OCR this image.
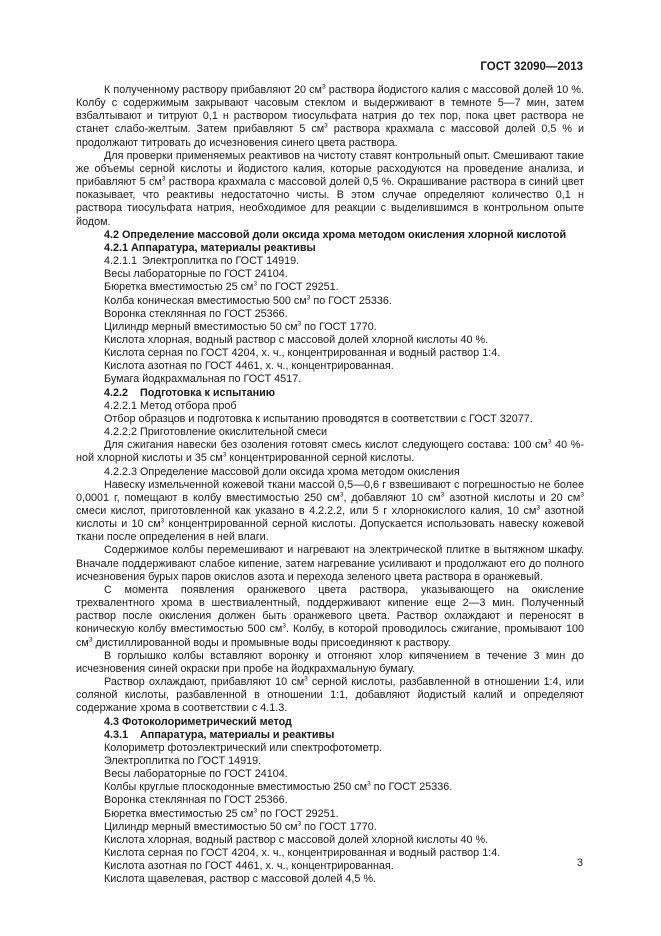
ГОСТ 32090—2013

К полученному раствору прибавляют 20 $см^3$ раствора йодистого калия с массовой долей 10 %. Колбу с содержимым закрывают часовым стеклом и выдерживают в темноте 5—7 мин, затем взбалтывают и титруют 0,1 н раствором тиосульфата натрия до тех пор, пока цвет раствора не станет слабо-желтым. Затем прибавляют 5 $см^3$ раствора крахмала с массовой долей 0,5 % и продолжают титровать до исчезновения синего цвета раствора.

Для проверки применяемых реактивов на чистоту ставят контрольный опыт. Смешивают такие же объемы серной кислоты и йодистого калия, которые расходуются на проведение анализа, и прибавляют 5 $см^3$ раствора крахмала с массовой долей 0,5 %. Окрашивание раствора в синий цвет показывает, что реактивы недостаточно чисты. В этом случае определяют количество 0,1 н раствора тиосульфата натрия, необходимое для реакции с выделившимся в контрольном опыте йодом.

4.2 Определение массовой доли оксида хрома методом окисления хлорной кислотой

4.2.1 Аппаратура, материалы реактивы

4.2.1.1 Электроплитка по ГОСТ 14919.

Весы лабораторные по ГОСТ 24104.

Бюретка вместимостью 25 $см^3$ по ГОСТ 29251.

Колба коническая вместимостью 500 $см^3$ по ГОСТ 25336.

Воронка стеклянная по ГОСТ 25366.

Цилиндр мерный вместимостью 50 $см^3$ по ГОСТ 1770.

Кислота хлорная, водный раствор с массовой долей хлорной кислоты 40 %.

Кислота серная по ГОСТ 4204, х. ч., концентрированная и водный раствор 1:4.

Кислота азотная по ГОСТ 4461, х. ч., концентрированная.

Бумага йодкрахмальная по ГОСТ 4517.

4.2.2 Подготовка к испытанию

4.2.2.1 Метод отбора проб

Отбор образцов и подготовка к испытанию проводятся в соответствии с ГОСТ 32077.

4.2.2.2 Приготовление окислительной смеси

Для сжигания навески без озоления готовят смесь кислот следующего состава: 100 $см^3$ 40 %-ной хлорной кислоты и 35 $см^3$ концентрированной серной кислоты.

4.2.2.3 Определение массовой доли оксида хрома методом окисления

Навеску измельченной кожевой ткани массой 0,5—0,6 г взвешивают с погрешностью не более 0,0001 г, помещают в колбу вместимостью 250 $см^3$, добавляют 10 $см^3$ азотной кислоты и 20 $см^3$ смеси кислот, приготовленной как указано в 4.2.2.2, или 5 г хлорнокислого калия, 10 $см^3$ азотной кислоты и 10 $см^3$ концентрированной серной кислоты. Допускается использовать навеску кожевой ткани после определения в ней влаги.

Содержимое колбы перемешивают и нагревают на электрической плитке в вытяжном шкафу. Вначале поддерживают слабое кипение, затем нагревание усиливают и продолжают его до полного исчезновения бурых паров окислов азота и перехода зеленого цвета раствора в оранжевый.

С момента появления оранжевого цвета раствора, указывающего на окисление трехвалентного хрома в шествиалентный, поддерживают кипение еще 2—3 мин. Полученный раствор после окисления должен быть оранжевого цвета. Раствор охлаждают и переносят в коническую колбу вместимостью 500 $см^3$. Колбу, в которой проводилось сжигание, промывают 100 $см^3$ дистиллированной воды и промывные воды присоединяют к раствору.

В горлышко колбы вставляют воронку и отгоняют хлор кипячением в течение 3 мин до исчезновения синей окраски при пробе на йодкрахмальную бумагу.

Раствор охлаждают, прибавляют 10 $см^3$ серной кислоты, разбавленной в отношении 1:4, или соляной кислоты, разбавленной в отношении 1:1, добавляют йодистый калий и определяют содержание хрома в соответствии с 4.1.3.

4.3 Фотоколориметрический метод

4.3.1 Аппаратура, материалы и реактивы

Колориметр фотоэлектрический или спектрофотометр.

Электроплитка по ГОСТ 14919.

Весы лабораторные по ГОСТ 24104.

Колбы круглые плоскодонные вместимостью 250 $см^3$ по ГОСТ 25336.

Воронка стеклянная по ГОСТ 25366.

Бюретка вместимостью 25 $см^3$ по ГОСТ 29251.

Цилиндр мерный вместимостью 50 $см^3$ по ГОСТ 1770.

Кислота хлорная, водный раствор с массовой долей хлорной кислоты 40 %.

Кислота серная по ГОСТ 4204, х. ч., концентрированная и водный раствор 1:4.

Кислота азотная по ГОСТ 4461, х. ч., концентрированная.

Кислота щавелевая, раствор с массовой долей 4,5 %.

3
